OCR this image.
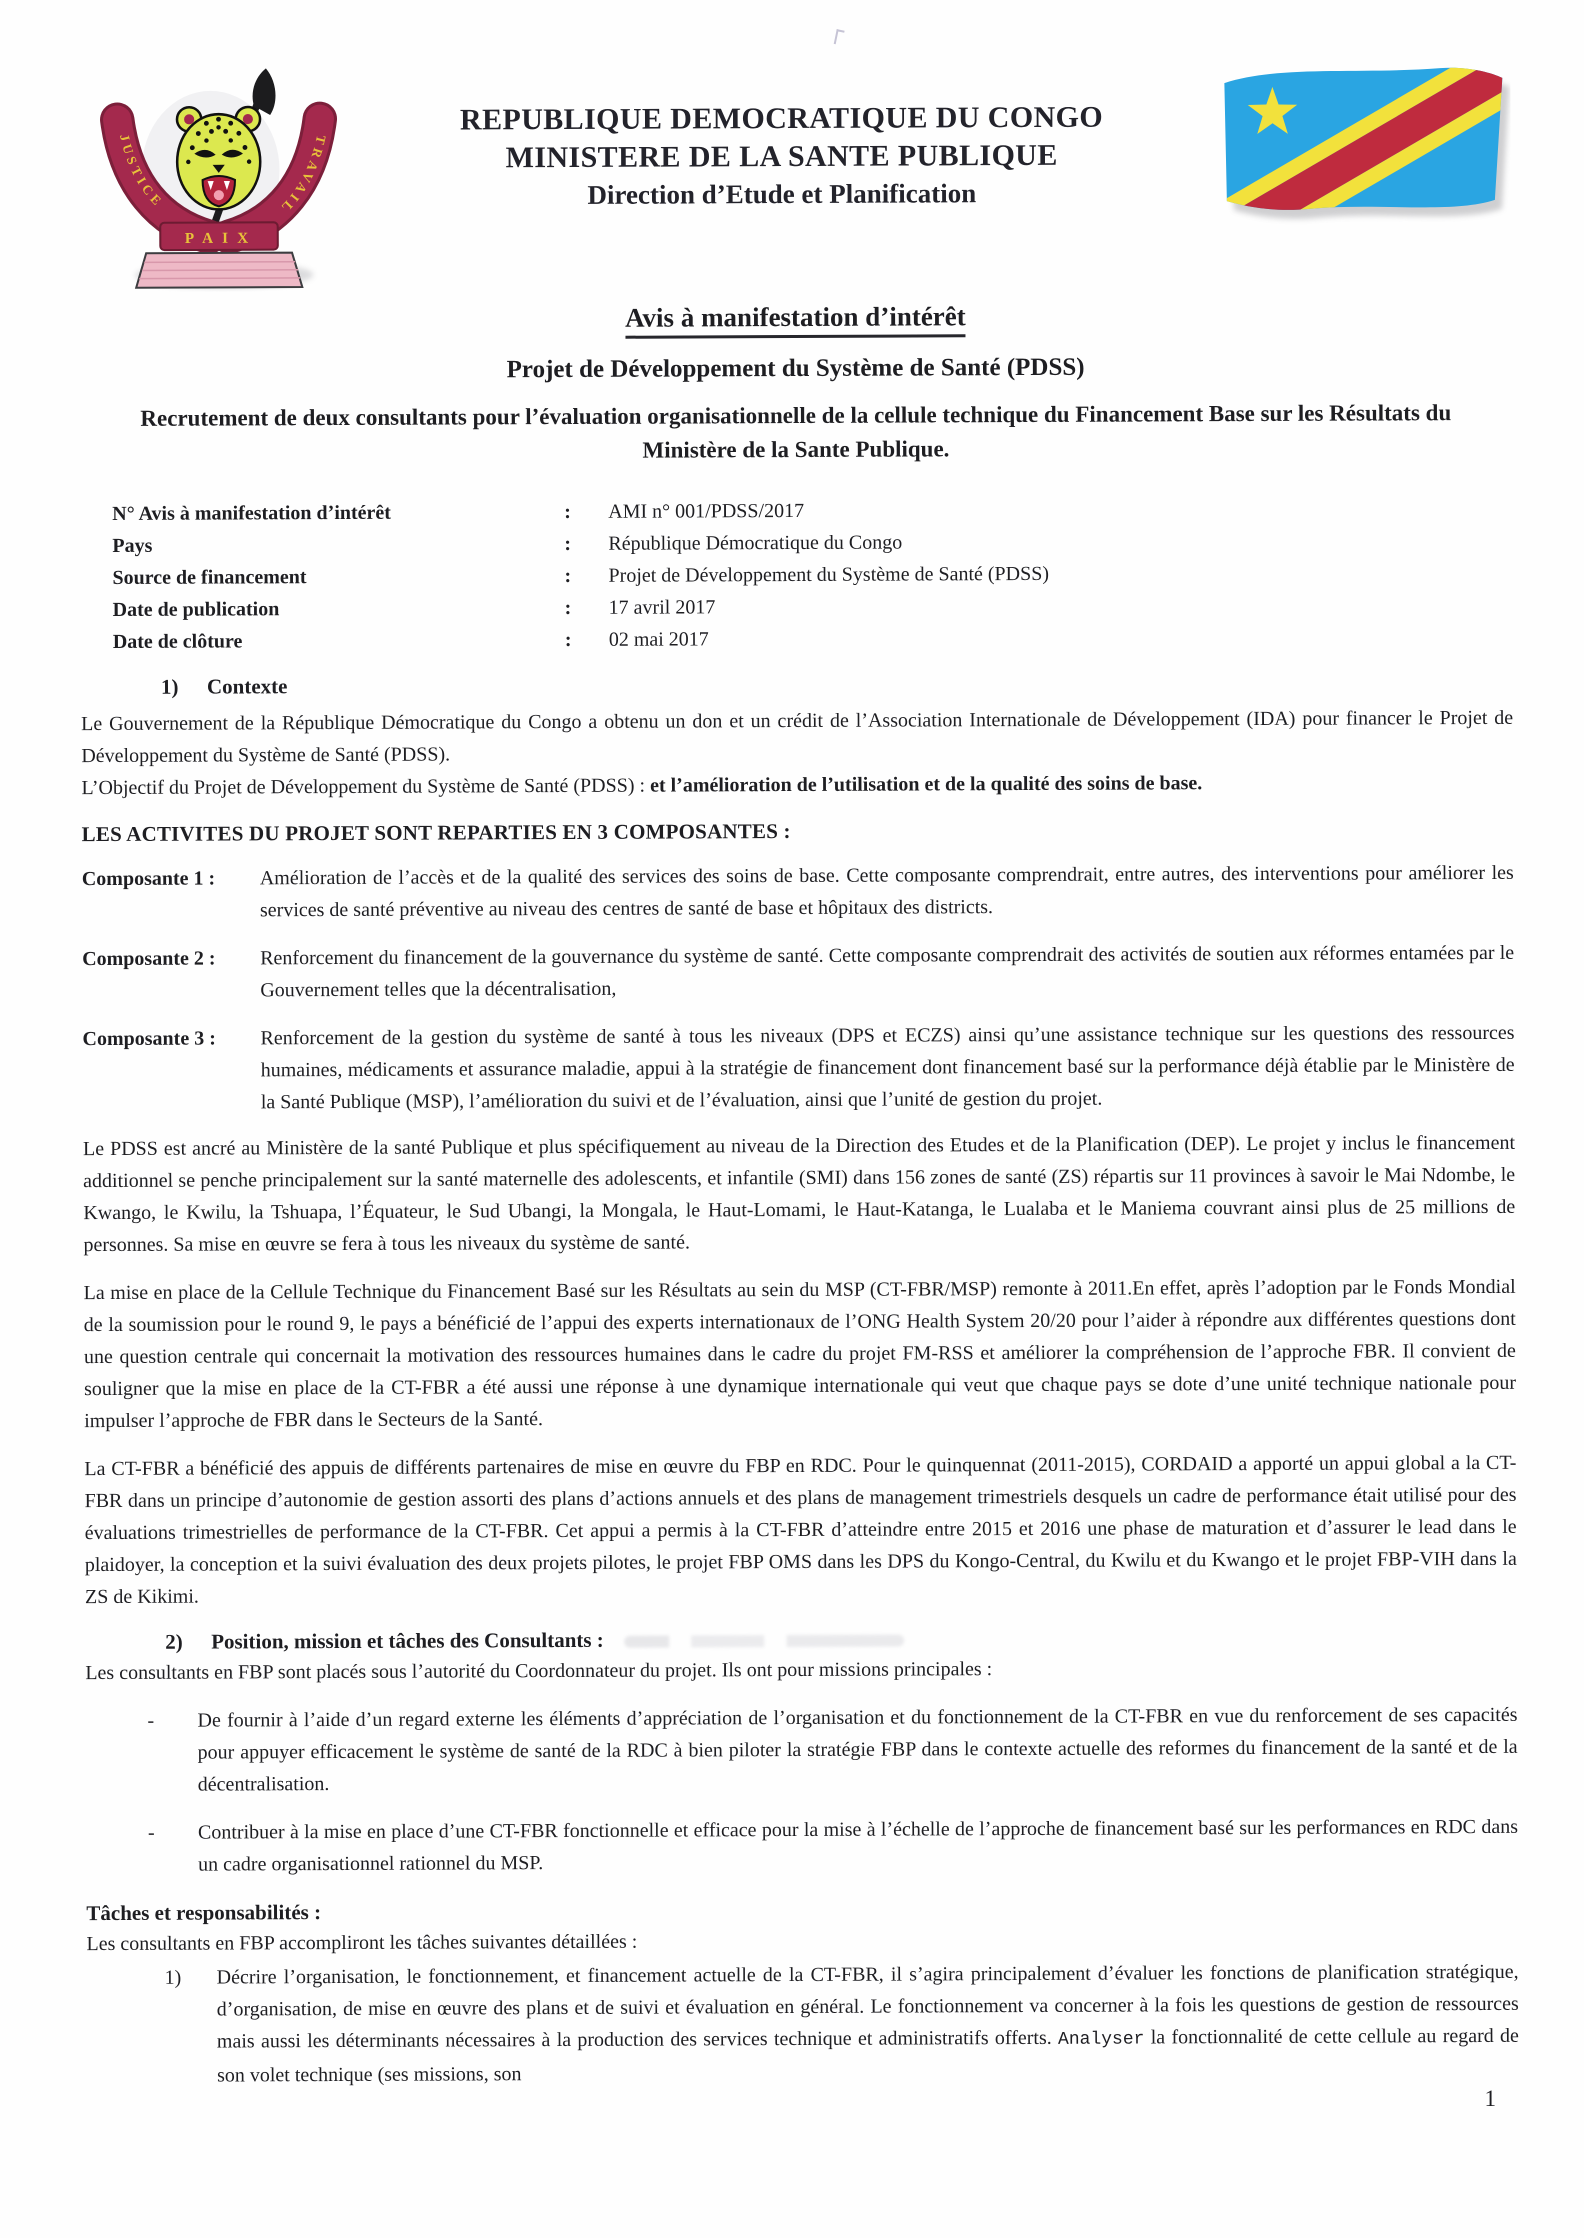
JUSTICE
TRAVAIL
PAIX
REPUBLIQUE DEMOCRATIQUE DU CONGO
MINISTERE DE LA SANTE PUBLIQUE
Direction d’Etude et Planification
Avis à manifestation d’intérêt
Projet de Développement du Système de Santé (PDSS)
Recrutement de deux consultants pour l’évaluation organisationnelle de la cellule technique du Financement Base sur les Résultats du Ministère de la Sante Publique.
N° Avis à manifestation d’intérêt	:	AMI n° 001/PDSS/2017
Pays	:	République Démocratique du Congo
Source de financement	:	Projet de Développement du Système de Santé (PDSS)
Date de publication	:	17 avril 2017
Date de clôture	:	02 mai 2017
1) Contexte
Le Gouvernement de la République Démocratique du Congo a obtenu un don et un crédit de l’Association Internationale de Développement (IDA) pour financer le Projet de Développement du Système de Santé (PDSS).
L’Objectif du Projet de Développement du Système de Santé (PDSS) : et l’amélioration de l’utilisation et de la qualité des soins de base.
LES ACTIVITES DU PROJET SONT REPARTIES EN 3 COMPOSANTES :
Composante 1 :	Amélioration de l’accès et de la qualité des services des soins de base. Cette composante comprendrait, entre autres, des interventions pour améliorer les services de santé préventive au niveau des centres de santé de base et hôpitaux des districts.
Composante 2 :	Renforcement du financement de la gouvernance du système de santé. Cette composante comprendrait des activités de soutien aux réformes entamées par le Gouvernement telles que la décentralisation,
Composante 3 :	Renforcement de la gestion du système de santé à tous les niveaux (DPS et ECZS) ainsi qu’une assistance technique sur les questions des ressources humaines, médicaments et assurance maladie, appui à la stratégie de financement dont financement basé sur la performance déjà établie par le Ministère de la Santé Publique (MSP), l’amélioration du suivi et de l’évaluation, ainsi que l’unité de gestion du projet.
Le PDSS est ancré au Ministère de la santé Publique et plus spécifiquement au niveau de la Direction des Etudes et de la Planification (DEP). Le projet y inclus le financement additionnel se penche principalement sur la santé maternelle des adolescents, et infantile (SMI) dans 156 zones de santé (ZS) répartis sur 11 provinces à savoir le Mai Ndombe, le Kwango, le Kwilu, la Tshuapa, l’Équateur, le Sud Ubangi, la Mongala, le Haut-Lomami, le Haut-Katanga, le Lualaba et le Maniema couvrant ainsi plus de 25 millions de personnes. Sa mise en œuvre se fera à tous les niveaux du système de santé.
La mise en place de la Cellule Technique du Financement Basé sur les Résultats au sein du MSP (CT-FBR/MSP) remonte à 2011.En effet, après l’adoption par le Fonds Mondial de la soumission pour le round 9, le pays a bénéficié de l’appui des experts internationaux de l’ONG Health System 20/20 pour l’aider à répondre aux différentes questions dont une question centrale qui concernait la motivation des ressources humaines dans le cadre du projet FM-RSS et améliorer la compréhension de l’approche FBR. Il convient de souligner que la mise en place de la CT-FBR a été aussi une réponse à une dynamique internationale qui veut que chaque pays se dote d’une unité technique nationale pour impulser l’approche de FBR dans le Secteurs de la Santé.
La CT-FBR a bénéficié des appuis de différents partenaires de mise en œuvre du FBP en RDC. Pour le quinquennat (2011-2015), CORDAID a apporté un appui global a la CT-FBR dans un principe d’autonomie de gestion assorti des plans d’actions annuels et des plans de management trimestriels desquels un cadre de performance était utilisé pour des évaluations trimestrielles de performance de la CT-FBR. Cet appui a permis à la CT-FBR d’atteindre entre 2015 et 2016 une phase de maturation et d’assurer le lead dans le plaidoyer, la conception et la suivi évaluation des deux projets pilotes, le projet FBP OMS dans les DPS du Kongo-Central, du Kwilu et du Kwango et le projet FBP-VIH dans la ZS de Kikimi.
2) Position, mission et tâches des Consultants :
Les consultants en FBP sont placés sous l’autorité du Coordonnateur du projet. Ils ont pour missions principales :
-	De fournir à l’aide d’un regard externe les éléments d’appréciation de l’organisation et du fonctionnement de la CT-FBR en vue du renforcement de ses capacités pour appuyer efficacement le système de santé de la RDC à bien piloter la stratégie FBP dans le contexte actuelle des reformes du financement de la santé et de la décentralisation.
-	Contribuer à la mise en place d’une CT-FBR fonctionnelle et efficace pour la mise à l’échelle de l’approche de financement basé sur les performances en RDC dans un cadre organisationnel rationnel du MSP.
Tâches et responsabilités :
Les consultants en FBP accompliront les tâches suivantes détaillées :
1)	Décrire l’organisation, le fonctionnement, et financement actuelle de la CT-FBR, il s’agira principalement d’évaluer les fonctions de planification stratégique, d’organisation, de mise en œuvre des plans et de suivi et évaluation en général. Le fonctionnement va concerner à la fois les questions de gestion de ressources mais aussi les déterminants nécessaires à la production des services technique et administratifs offerts. Analyser la fonctionnalité de cette cellule au regard de son volet technique (ses missions, son
1
